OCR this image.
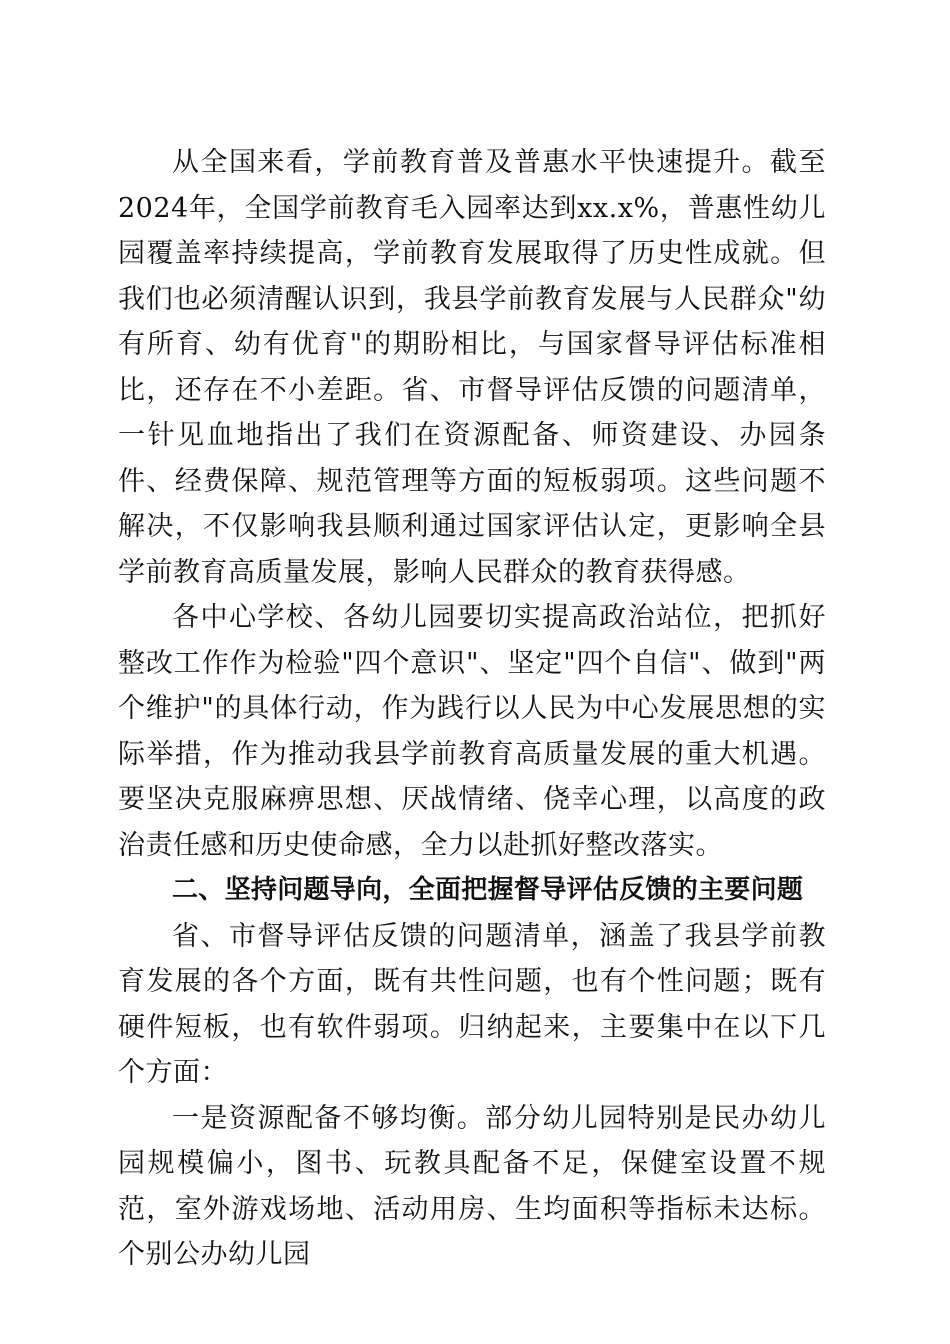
从全国来看，学前教育普及普惠水平快速提升。截至2024年，全国学前教育毛入园率达到xx.x%，普惠性幼儿园覆盖率持续提高，学前教育发展取得了历史性成就。但我们也必须清醒认识到，我县学前教育发展与人民群众"幼有所育、幼有优育"的期盼相比，与国家督导评估标准相比，还存在不小差距。省、市督导评估反馈的问题清单，一针见血地指出了我们在资源配备、师资建设、办园条件、经费保障、规范管理等方面的短板弱项。这些问题不解决，不仅影响我县顺利通过国家评估认定，更影响全县学前教育高质量发展，影响人民群众的教育获得感。

各中心学校、各幼儿园要切实提高政治站位，把抓好整改工作作为检验"四个意识"、坚定"四个自信"、做到"两个维护"的具体行动，作为践行以人民为中心发展思想的实际举措，作为推动我县学前教育高质量发展的重大机遇。要坚决克服麻痹思想、厌战情绪、侥幸心理，以高度的政治责任感和历史使命感，全力以赴抓好整改落实。

二、坚持问题导向，全面把握督导评估反馈的主要问题

省、市督导评估反馈的问题清单，涵盖了我县学前教育发展的各个方面，既有共性问题，也有个性问题；既有硬件短板，也有软件弱项。归纳起来，主要集中在以下几个方面：

一是资源配备不够均衡。部分幼儿园特别是民办幼儿园规模偏小，图书、玩教具配备不足，保健室设置不规范，室外游戏场地、活动用房、生均面积等指标未达标。个别公办幼儿园
